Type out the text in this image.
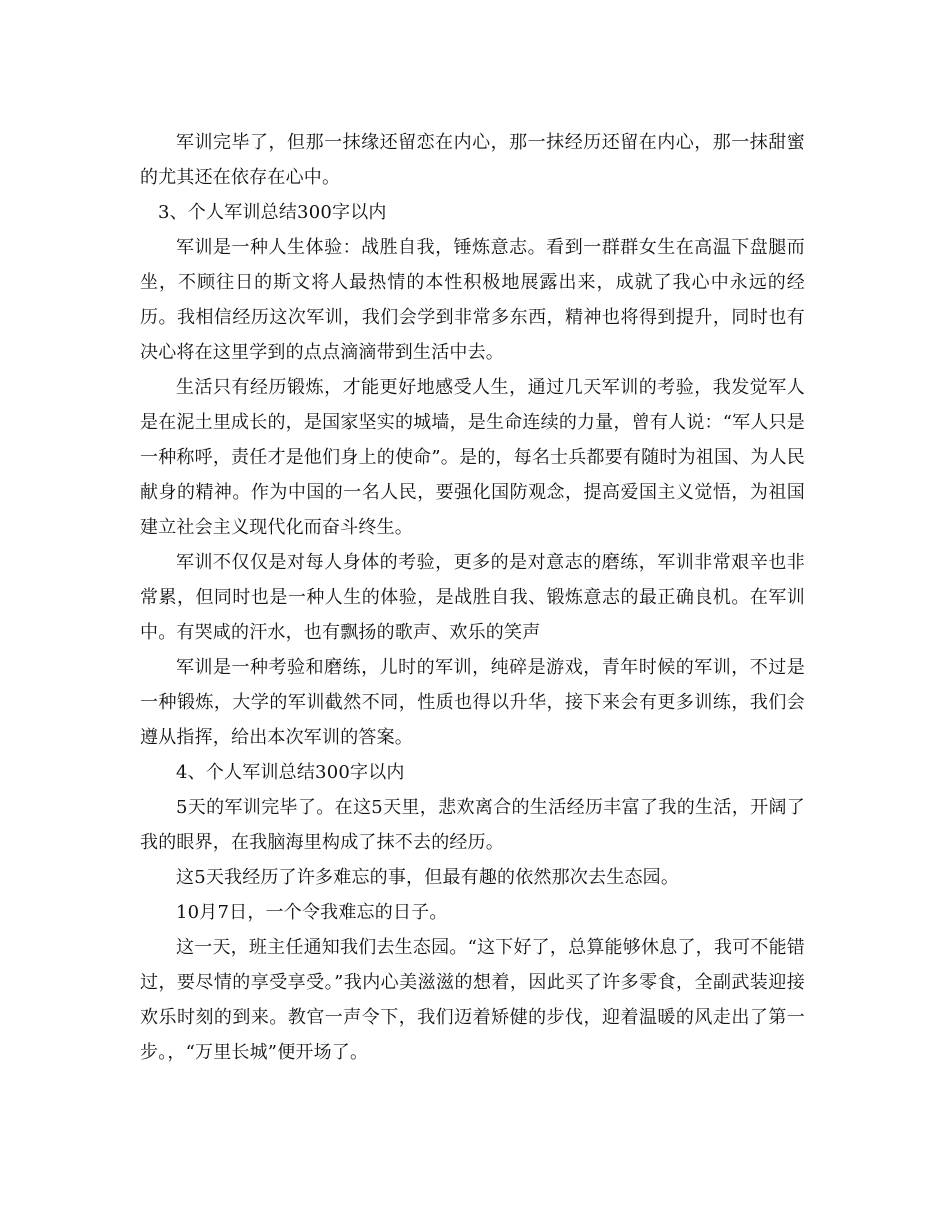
军训完毕了，但那一抹缘还留恋在内心，那一抹经历还留在内心，那一抹甜蜜的尤其还在依存在心中。

3、个人军训总结300字以内

军训是一种人生体验：战胜自我，锤炼意志。看到一群群女生在高温下盘腿而坐，不顾往日的斯文将人最热情的本性积极地展露出来，成就了我心中永远的经历。我相信经历这次军训，我们会学到非常多东西，精神也将得到提升，同时也有决心将在这里学到的点点滴滴带到生活中去。

生活只有经历锻炼，才能更好地感受人生，通过几天军训的考验，我发觉军人是在泥土里成长的，是国家坚实的城墙，是生命连续的力量，曾有人说：“军人只是一种称呼，责任才是他们身上的使命”。是的，每名士兵都要有随时为祖国、为人民献身的精神。作为中国的一名人民，要强化国防观念，提高爱国主义觉悟，为祖国建立社会主义现代化而奋斗终生。

军训不仅仅是对每人身体的考验，更多的是对意志的磨练，军训非常艰辛也非常累，但同时也是一种人生的体验，是战胜自我、锻炼意志的最正确良机。在军训中。有哭咸的汗水，也有飘扬的歌声、欢乐的笑声

军训是一种考验和磨练，儿时的军训，纯碎是游戏，青年时候的军训，不过是一种锻炼，大学的军训截然不同，性质也得以升华，接下来会有更多训练，我们会遵从指挥，给出本次军训的答案。

4、个人军训总结300字以内

5天的军训完毕了。在这5天里，悲欢离合的生活经历丰富了我的生活，开阔了我的眼界，在我脑海里构成了抹不去的经历。

这5天我经历了许多难忘的事，但最有趣的依然那次去生态园。

10月7日，一个令我难忘的日子。

这一天，班主任通知我们去生态园。“这下好了，总算能够休息了，我可不能错过，要尽情的享受享受。”我内心美滋滋的想着，因此买了许多零食，全副武装迎接欢乐时刻的到来。教官一声令下，我们迈着矫健的步伐，迎着温暖的风走出了第一步。，“万里长城”便开场了。
